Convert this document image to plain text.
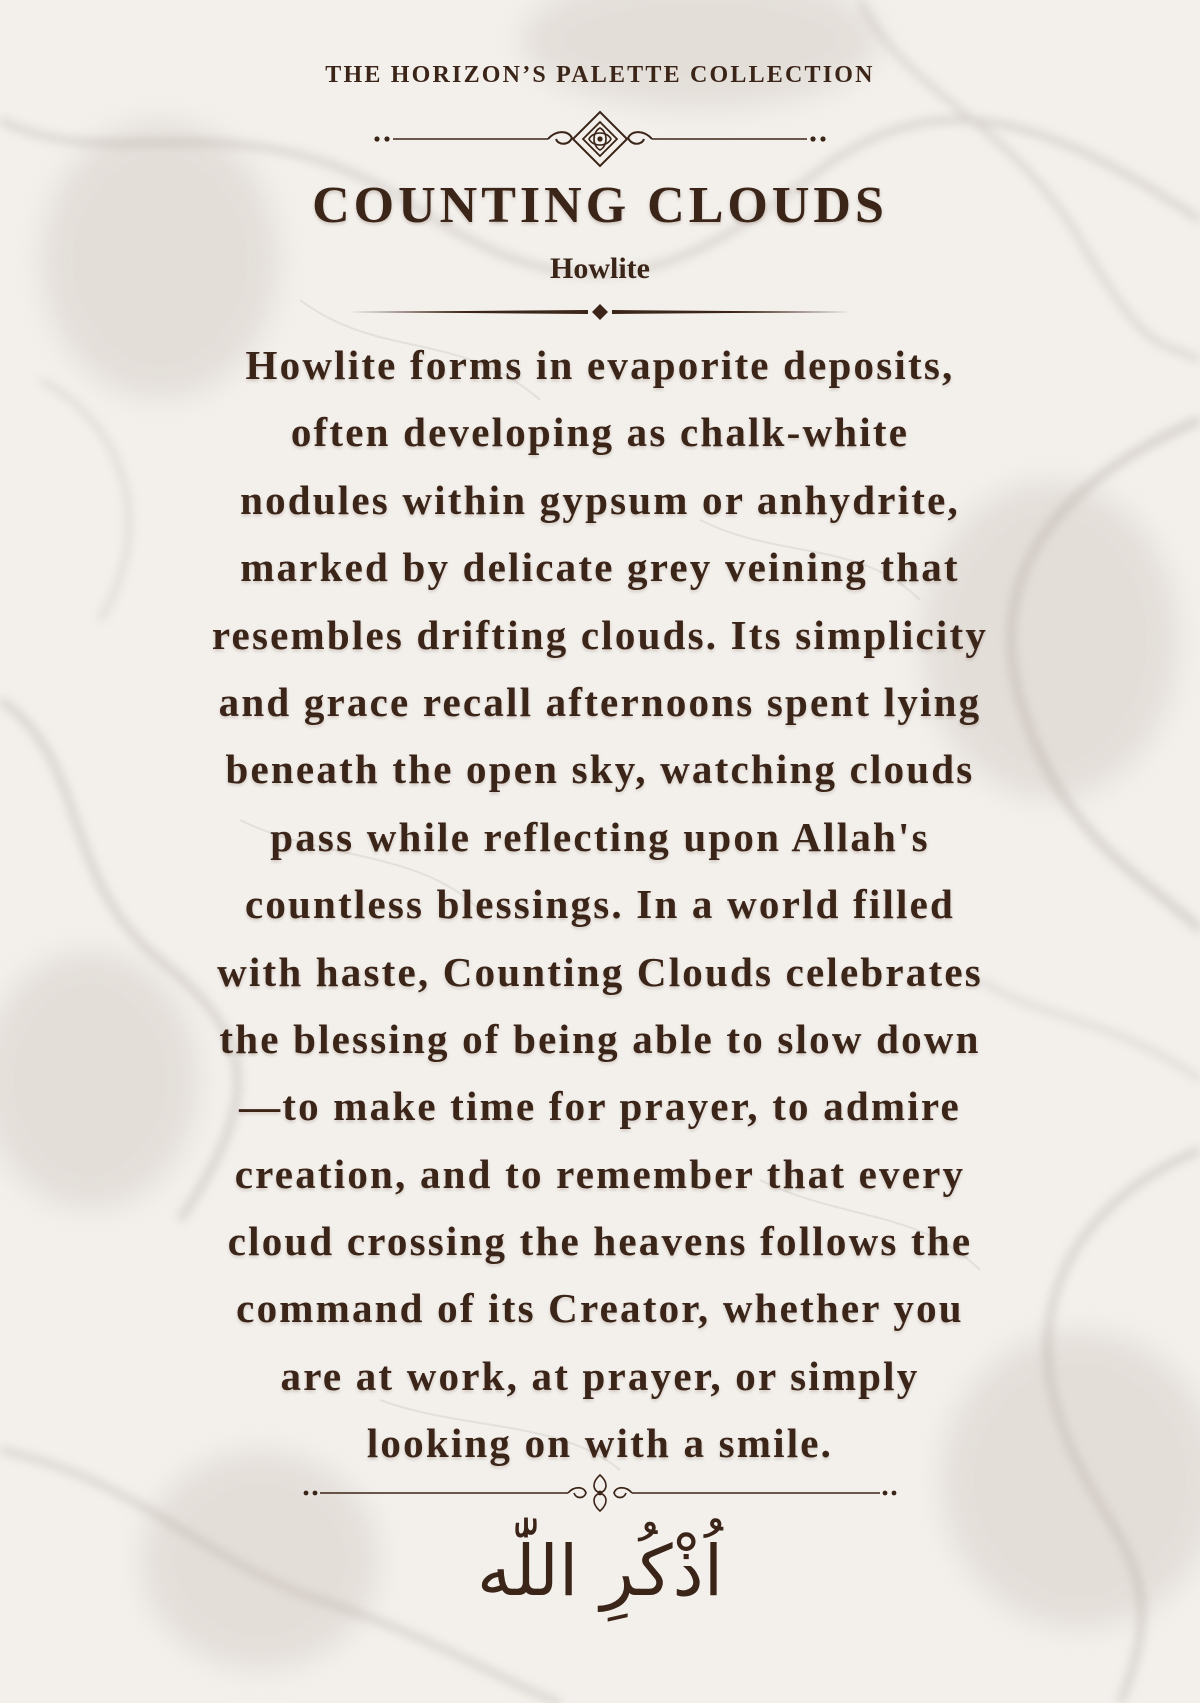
THE HORIZON’S PALETTE COLLECTION
COUNTING CLOUDS
Howlite
Howlite forms in evaporite deposits,
often developing as chalk-white
nodules within gypsum or anhydrite,
marked by delicate grey veining that
resembles drifting clouds. Its simplicity
and grace recall afternoons spent lying
beneath the open sky, watching clouds
pass while reflecting upon Allah's
countless blessings. In a world filled
with haste, Counting Clouds celebrates
the blessing of being able to slow down
—to make time for prayer, to admire
creation, and to remember that every
cloud crossing the heavens follows the
command of its Creator, whether you
are at work, at prayer, or simply
looking on with a smile.
اُذْكُرِ اللّٰه
